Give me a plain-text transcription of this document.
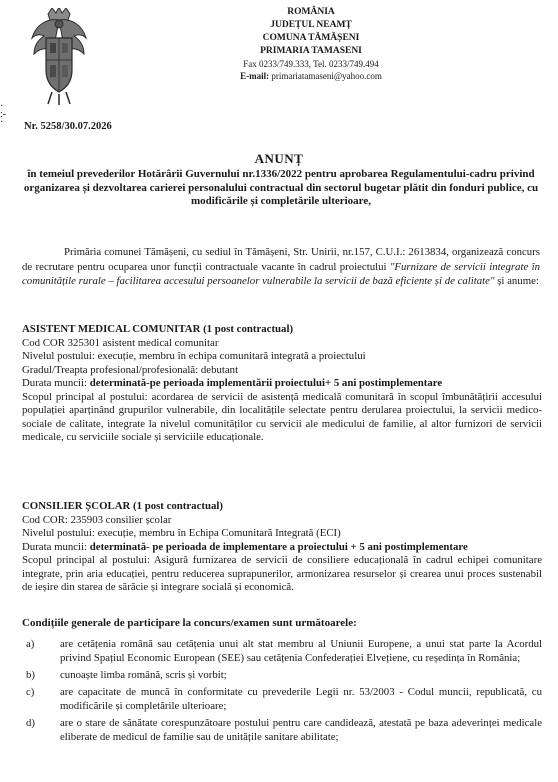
ROMÂNIA
JUDEȚUL NEAMȚ
COMUNA TĂMĂȘENI
PRIMARIA TAMASENI
Fax 0233/749.333, Tel. 0233/749.494
E-mail: primariatamaseni@yahoo.com
·
:-
· Nr. 5258/30.07.2026
ANUNȚ
în temeiul prevederilor Hotărârii Guvernului nr.1336/2022 pentru aprobarea Regulamentului-cadru privind organizarea și dezvoltarea carierei personalului contractual din sectorul bugetar plătit din fonduri publice, cu modificările și completările ulterioare,
Primăria comunei Tămășeni, cu sediul în Tămășeni, Str. Unirii, nr.157, C.U.I.: 2613834, organizează concurs de recrutare pentru ocuparea unor funcții contractuale vacante în cadrul proiectului "Furnizare de servicii integrate în comunitățile rurale – facilitarea accesului persoanelor vulnerabile la servicii de bază eficiente și de calitate" și anume:
ASISTENT MEDICAL COMUNITAR (1 post contractual)
Cod COR 325301 asistent medical comunitar
Nivelul postului: execuție, membru în echipa comunitară integrată a proiectului
Gradul/Treapta profesional/profesională: debutant
Durata muncii: determinată-pe perioada implementării proiectului+ 5 ani postimplementare
Scopul principal al postului: acordarea de servicii de asistență medicală comunitară în scopul îmbunătățirii accesului populației aparținând grupurilor vulnerabile, din localitățile selectate pentru derularea proiectului, la servicii medico-sociale de calitate, integrate la nivelul comunităților cu servicii ale medicului de familie, al altor furnizori de servicii medicale, cu serviciile sociale și serviciile educaționale.
CONSILIER ȘCOLAR (1 post contractual)
Cod COR: 235903 consilier școlar
Nivelul postului: execuție, membru în Echipa Comunitară Integrată (ECI)
Durata muncii: determinată- pe perioada de implementare a proiectului + 5 ani postimplementare
Scopul principal al postului: Asigură furnizarea de servicii de consiliere educațională în cadrul echipei comunitare integrate, prin aria educației, pentru reducerea suprapunerilor, armonizarea resurselor și crearea unui proces sustenabil de ieșire din starea de sărăcie și integrare socială și economică.
Condițiile generale de participare la concurs/examen sunt următoarele:
a)	are cetățenia română sau cetățenia unui alt stat membru al Uniunii Europene, a unui stat parte la Acordul privind Spațiul Economic European (SEE) sau cetățenia Confederației Elvețiene, cu reședința în România;
b)	cunoaște limba română, scris și vorbit;
c)	are capacitate de muncă în conformitate cu prevederile Legii nr. 53/2003 - Codul muncii, republicată, cu modificările și completările ulterioare;
d)	are o stare de sănătate corespunzătoare postului pentru care candidează, atestată pe baza adeverinței medicale eliberate de medicul de familie sau de unitățile sanitare abilitate;
